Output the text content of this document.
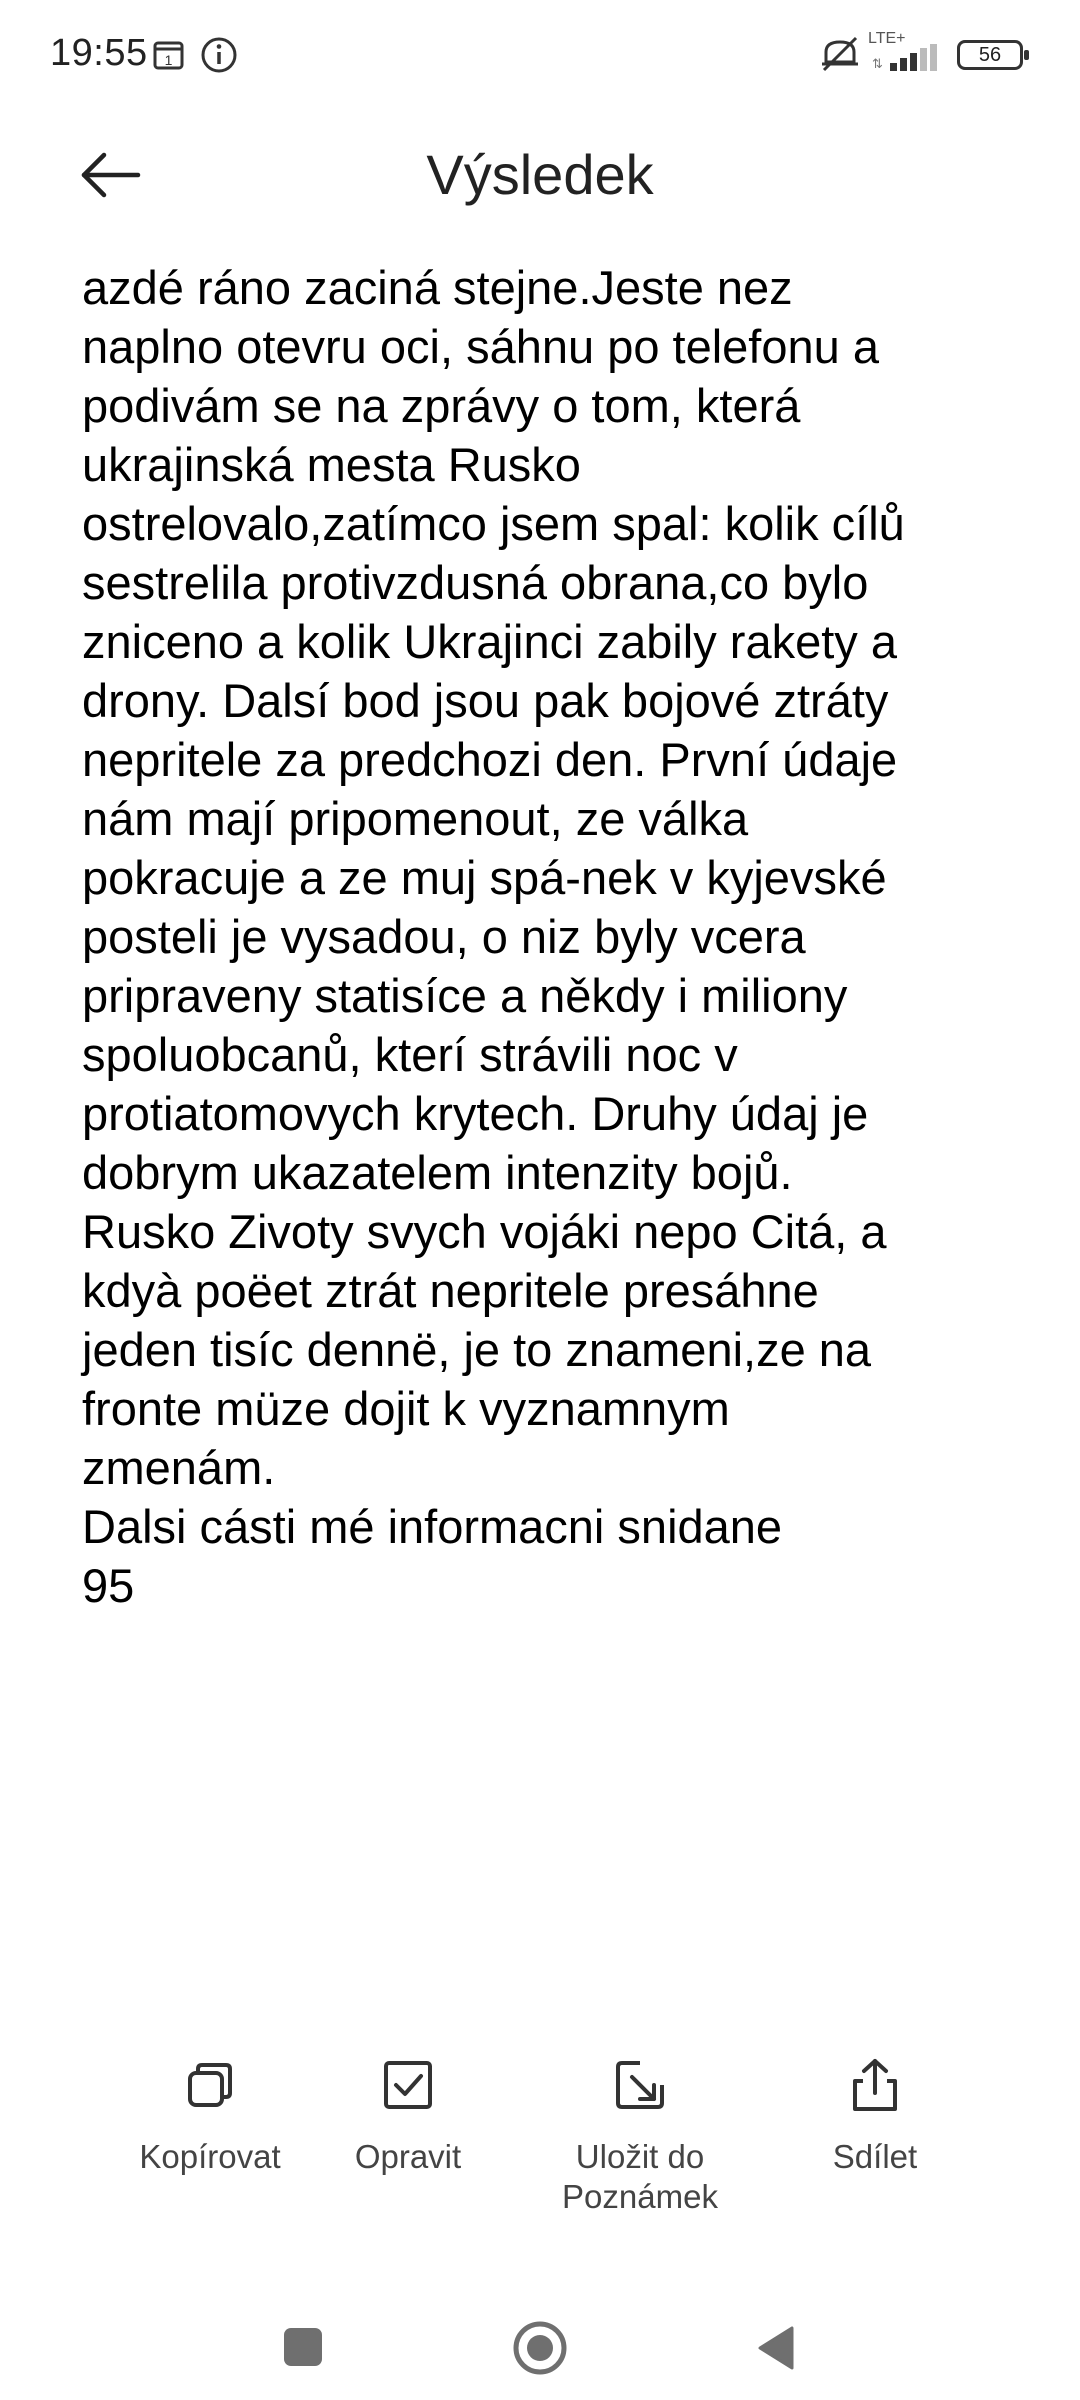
19:55 1
LTE+
⇅	56
Výsledek
azdé ráno zaciná stejne.Jeste nez
naplno otevru oci, sáhnu po telefonu a
podivám se na zprávy o tom, která
ukrajinská mesta Rusko
ostrelovalo,zatímco jsem spal: kolik cílů
sestrelila protivzdusná obrana,co bylo
zniceno a kolik Ukrajinci zabily rakety a
drony. Dalsí bod jsou pak bojové ztráty
nepritele za predchozi den. První údaje
nám mají pripomenout, ze válka
pokracuje a ze muj spá-nek v kyjevské
posteli je vysadou, o niz byly vcera
pripraveny statisíce a někdy i miliony
spoluobcanů, kterí strávili noc v
protiatomovych krytech. Druhy údaj je
dobrym ukazatelem intenzity bojů.
Rusko Zivoty svych vojáki nepo Citá, a
kdyà poëet ztrát nepritele presáhne
jeden tisíc dennë, je to znameni,ze na
fronte müze dojit k vyznamnym
zmenám.
Dalsi cásti mé informacni snidane
95
Kopírovat	Opravit	Uložit do
Poznámek
Sdílet
